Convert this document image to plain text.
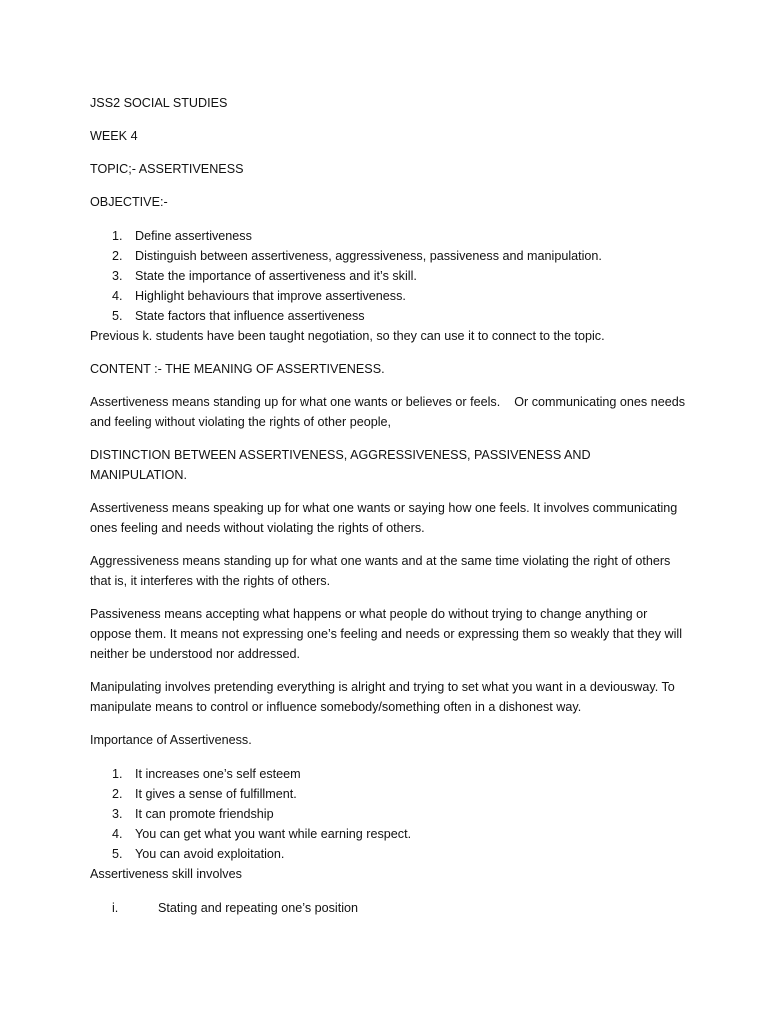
JSS2 SOCIAL STUDIES

WEEK 4

TOPIC;- ASSERTIVENESS

OBJECTIVE:-

1. Define assertiveness
2. Distinguish between assertiveness, aggressiveness, passiveness and manipulation.
3. State the importance of assertiveness and it’s skill.
4. Highlight behaviours that improve assertiveness.
5. State factors that influence assertiveness

Previous k. students have been taught negotiation, so they can use it to connect to the topic.

CONTENT :- THE MEANING OF ASSERTIVENESS.

Assertiveness means standing up for what one wants or believes or feels.    Or communicating ones needs and feeling without violating the rights of other people,

DISTINCTION BETWEEN ASSERTIVENESS, AGGRESSIVENESS, PASSIVENESS AND MANIPULATION.

Assertiveness means speaking up for what one wants or saying how one feels. It involves communicating ones feeling and needs without violating the rights of others.

Aggressiveness means standing up for what one wants and at the same time violating the right of others that is, it interferes with the rights of others.

Passiveness means accepting what happens or what people do without trying to change anything or oppose them. It means not expressing one’s feeling and needs or expressing them so weakly that they will neither be understood nor addressed.

Manipulating involves pretending everything is alright and trying to set what you want in a deviousway. To manipulate means to control or influence somebody/something often in a dishonest way.

Importance of Assertiveness.

1. It increases one’s self esteem
2. It gives a sense of fulfillment.
3. It can promote friendship
4. You can get what you want while earning respect.
5. You can avoid exploitation.

Assertiveness skill involves

i.	Stating and repeating one’s position
